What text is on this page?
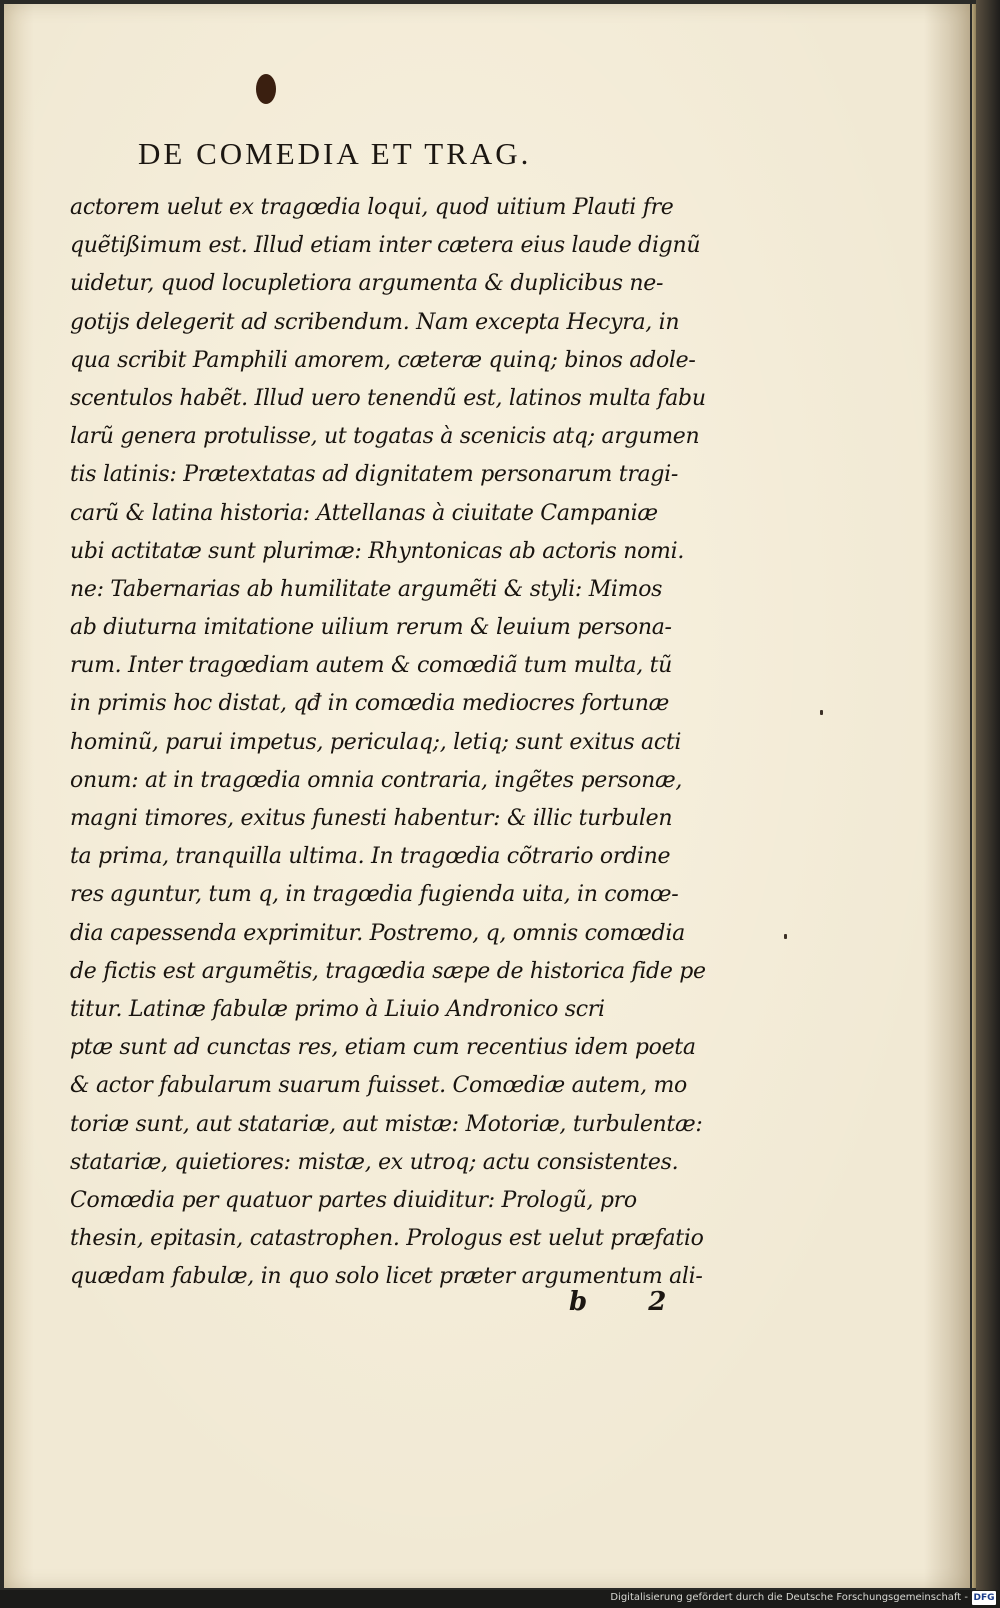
DE COMEDIA ET TRAG.
actorem uelut ex tragœdia loqui, quod uitium Plauti fre
quẽtißimum est. Illud etiam inter cætera eius laude dignũ
uidetur, quod locupletiora argumenta & duplicibus ne-
gotijs delegerit ad scribendum. Nam excepta Hecyra, in
qua scribit Pamphili amorem, cæteræ quinq; binos adole-
scentulos habẽt. Illud uero tenendũ est, latinos multa fabu
larũ genera protulisse, ut togatas à scenicis atq; argumen
tis latinis: Prætextatas ad dignitatem personarum tragi-
carũ & latina historia: Attellanas à ciuitate Campaniæ
ubi actitatæ sunt plurimæ: Rhyntonicas ab actoris nomi.
ne: Tabernarias ab humilitate argumẽti & styli: Mimos
ab diuturna imitatione uilium rerum & leuium persona-
rum. Inter tragœdiam autem & comœdiã tum multa, tũ
in primis hoc distat, qđ in comœdia mediocres fortunæ
hominũ, parui impetus, periculaq;, letiq; sunt exitus acti
onum: at in tragœdia omnia contraria, ingẽtes personæ,
magni timores, exitus funesti habentur: & illic turbulen
ta prima, tranquilla ultima. In tragœdia cõtrario ordine
res aguntur, tum q, in tragœdia fugienda uita, in comœ-
dia capessenda exprimitur. Postremo, q, omnis comœdia
de fictis est argumẽtis, tragœdia sæpe de historica fide pe
titur. Latinæ fabulæ primo à Liuio Andronico scri
ptæ sunt ad cunctas res, etiam cum recentius idem poeta
& actor fabularum suarum fuisset. Comœdiæ autem, mo
toriæ sunt, aut statariæ, aut mistæ: Motoriæ, turbulentæ:
statariæ, quietiores: mistæ, ex utroq; actu consistentes.
Comœdia per quatuor partes diuiditur: Prologũ, pro
thesin, epitasin, catastrophen. Prologus est uelut præfatio
quædam fabulæ, in quo solo licet præter argumentum ali-
b 2
Digitalisierung gefördert durch die Deutsche Forschungsgemeinschaft - DFG
